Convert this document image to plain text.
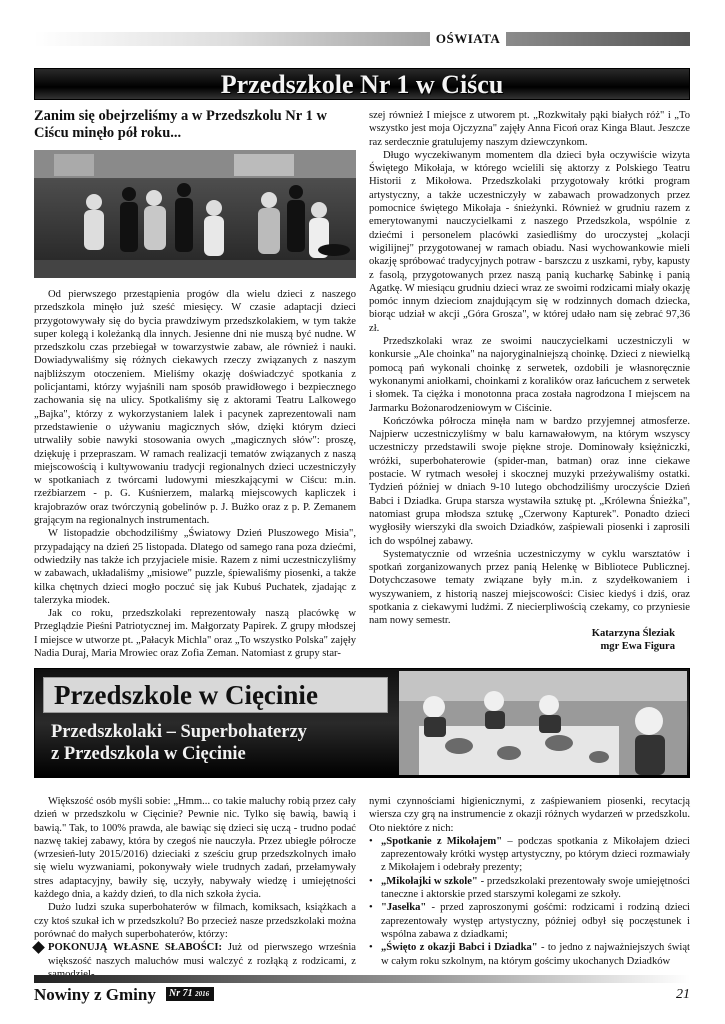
OŚWIATA
Przedszkole Nr 1 w Ciścu
Zanim się obejrzeliśmy a w Przedszkolu Nr 1 w Ciścu minęło pół roku...

Od pierwszego przestąpienia progów dla wielu dzieci z naszego przedszkola minęło już sześć miesięcy. W czasie adaptacji dzieci przygotowywały się do bycia prawdziwym przedszkolakiem, w tym także super kolegą i koleżanką dla innych. Jesienne dni nie muszą być nudne. W przedszkolu czas przebiegał w towarzystwie zabaw, ale również i nauki. Dowiadywaliśmy się różnych ciekawych rzeczy związanych z naszym najbliższym otoczeniem. Mieliśmy okazję doświadczyć spotkania z policjantami, którzy wyjaśnili nam sposób prawidłowego i bezpiecznego zachowania się na ulicy. Spotkaliśmy się z aktorami Teatru Lalkowego „Bajka", którzy z wykorzystaniem lalek i pacynek zaprezentowali nam przedstawienie o używaniu magicznych słów, dzięki którym dzieci utrwaliły sobie nawyki stosowania owych „magicznych słów": proszę, dziękuję i przepraszam. W ramach realizacji tematów związanych z naszą miejscowością i kultywowaniu tradycji regionalnych dzieci uczestniczyły w spotkaniach z twórcami ludowymi mieszkającymi w Ciścu: m.in. rzeźbiarzem - p. G. Kuśnierzem, malarką miejscowych kapliczek i krajobrazów oraz twórczynią gobelinów p. J. Bużko oraz z p. P. Zemanem grającym na regionalnych instrumentach.

W listopadzie obchodziliśmy „Światowy Dzień Pluszowego Misia", przypadający na dzień 25 listopada. Dlatego od samego rana poza dziećmi, odwiedziły nas także ich przyjaciele misie. Razem z nimi uczestniczyliśmy w zabawach, układaliśmy „misiowe" puzzle, śpiewaliśmy piosenki, a także kilka chętnych dzieci mogło poczuć się jak Kubuś Puchatek, zjadając z talerzyka miodek.

Jak co roku, przedszkolaki reprezentowały naszą placówkę w Przeglądzie Pieśni Patriotycznej im. Małgorzaty Papirek. Z grupy młodszej I miejsce w utworze pt. „Pałacyk Michla" oraz „To wszystko Polska" zajęły Nadia Duraj, Maria Mrowiec oraz Zofia Zeman. Natomiast z grupy star-

szej również I miejsce z utworem pt. „Rozkwitały pąki białych róż" i „To wszystko jest moja Ojczyzna" zajęły Anna Ficoń oraz Kinga Blaut. Jeszcze raz serdecznie gratulujemy naszym dziewczynkom.

Długo wyczekiwanym momentem dla dzieci była oczywiście wizyta Świętego Mikołaja, w którego wcielili się aktorzy z Polskiego Teatru Historii z Mikołowa. Przedszkolaki przygotowały krótki program artystyczny, a także uczestniczyły w zabawach prowadzonych przez pomocnice świętego Mikołaja - śnieżynki. Również w grudniu razem z emerytowanymi nauczycielkami z naszego Przedszkola, wspólnie z dziećmi i personelem placówki zasiedliśmy do uroczystej „kolacji wigilijnej" przygotowanej w ramach obiadu. Nasi wychowankowie mieli okazję spróbować tradycyjnych potraw - barszczu z uszkami, ryby, kapusty z fasolą, przygotowanych przez naszą panią kucharkę Sabinkę i panią Agatkę. W miesiącu grudniu dzieci wraz ze swoimi rodzicami miały okazję pomóc innym dzieciom znajdującym się w rodzinnych domach dziecka, biorąc udział w akcji „Góra Grosza", w której udało nam się zebrać 97,36 zł.

Przedszkolaki wraz ze swoimi nauczycielkami uczestniczyli w konkursie „Ale choinka" na najoryginalniejszą choinkę. Dzieci z niewielką pomocą pań wykonali choinkę z serwetek, ozdobili je własnoręcznie wykonanymi aniołkami, choinkami z koralików oraz łańcuchem z serwetek i słomek. Ta ciężka i monotonna praca została nagrodzona I miejscem na Jarmarku Bożonarodzeniowym w Ciścinie.

Kończówka półrocza minęła nam w bardzo przyjemnej atmosferze. Najpierw uczestniczyliśmy w balu karnawałowym, na którym wszyscy uczestniczy przedstawili swoje piękne stroje. Dominowały księżniczki, wróżki, superbohaterowie (spider-man, batman) oraz inne ciekawe postacie. W rytmach wesołej i skocznej muzyki przeżywaliśmy ostatki. Tydzień później w dniach 9-10 lutego obchodziliśmy uroczyście Dzień Babci i Dziadka. Grupa starsza wystawiła sztukę pt. „Królewna Śnieżka", natomiast grupa młodsza sztukę „Czerwony Kapturek". Ponadto dzieci wygłosiły wierszyki dla swoich Dziadków, zaśpiewali piosenki i zaprosili ich do wspólnej zabawy.

Systematycznie od września uczestniczymy w cyklu warsztatów i spotkań zorganizowanych przez panią Helenkę w Bibliotece Publicznej. Dotychczasowe tematy związane były m.in. z szydełkowaniem i wyszywaniem, z historią naszej miejscowości: Cisiec kiedyś i dziś, oraz spotkania z ciekawymi ludźmi. Z niecierpliwością czekamy, co przyniesie nam nowy semestr.

Katarzyna Śleziak
mgr Ewa Figura
Przedszkole w Cięcinie
Przedszkolaki – Superbohaterzy
z Przedszkola w Cięcinie

Większość osób myśli sobie: „Hmm... co takie maluchy robią przez cały dzień w przedszkolu w Cięcinie? Pewnie nic. Tylko się bawią, bawią i bawią." Tak, to 100% prawda, ale bawiąc się dzieci się uczą - trudno podać nazwę takiej zabawy, która by czegoś nie nauczyła. Przez ubiegłe półrocze (wrzesień-luty 2015/2016) dzieciaki z sześciu grup przedszkolnych imało się wielu wyzwaniami, pokonywały wiele trudnych zadań, przełamywały stres adaptacyjny, bawiły się, uczyły, nabywały wiedzę i umiejętności każdego dnia, a każdy dzień, to dla nich szkoła życia.

Dużo ludzi szuka superbohaterów w filmach, komiksach, książkach a czy ktoś szukał ich w przedszkolu? Bo przecież nasze przedszkolaki można porównać do małych superbohaterów, którzy:

POKONUJĄ WŁASNE SŁABOŚCI: Już od pierwszego września większość naszych maluchów musi walczyć z rozłąką z rodzicami, z

nymi czynnościami higienicznymi, z zaśpiewaniem piosenki, recytacją wiersza czy grą na instrumencie z okazji różnych wydarzeń w przedszkolu. Oto niektóre z nich:

• „Spotkanie z Mikołajem" – podczas spotkania z Mikołajem dzieci zaprezentowały krótki występ artystyczny, po którym dzieci rozmawiały z Mikołajem i odebrały prezenty;
• „Mikołajki w szkole" - przedszkolaki prezentowały swoje umiejętności taneczne i aktorskie przed starszymi kolegami ze szkoły.
• "Jasełka" - przed zaproszonymi gośćmi: rodzicami i rodziną dzieci zaprezentowały występ artystyczny, później odbył się poczęstunek i wspólna zabawa z dziadkami;
• „Święto z okazji Babci i Dziadka" - to jedno z najważniejszych świąt w całym roku szkolnym, na którym gościmy ukochanych Dziadków
Nowiny z Gminy	Nr 71 $^{2016}$	21
